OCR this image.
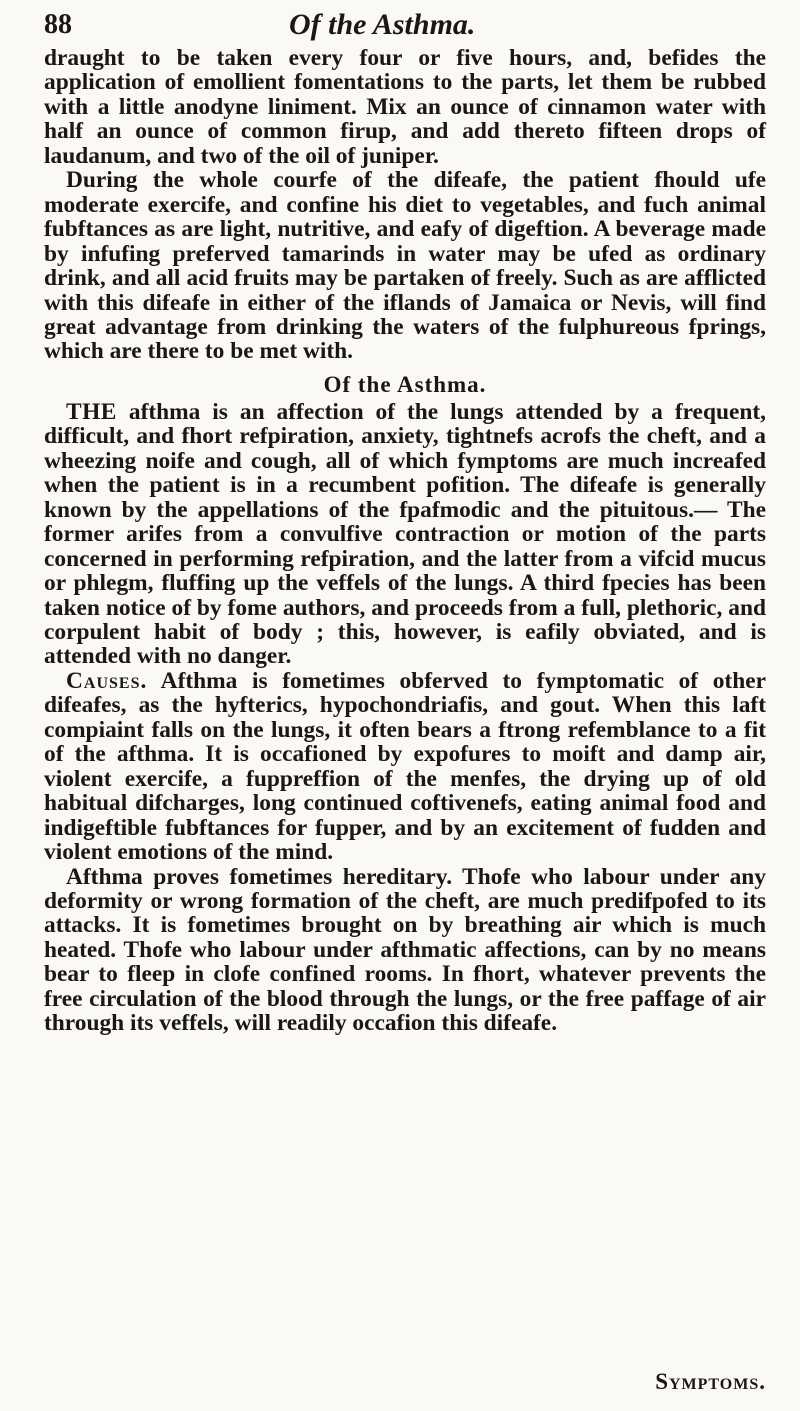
88	Of the Asthma.

draught to be taken every four or five hours, and, befides the application of emollient fomentations to the parts, let them be rubbed with a little anodyne liniment. Mix an ounce of cinnamon water with half an ounce of common firup, and add thereto fifteen drops of laudanum, and two of the oil of juniper.

During the whole courfe of the difeafe, the patient fhould ufe moderate exercife, and confine his diet to vegetables, and fuch animal fubftances as are light, nutritive, and eafy of digeftion. A beverage made by infufing preferved tamarinds in water may be ufed as ordinary drink, and all acid fruits may be partaken of freely. Such as are afflicted with this difeafe in either of the iflands of Jamaica or Nevis, will find great advantage from drinking the waters of the fulphureous fprings, which are there to be met with.

Of the Asthma.

THE afthma is an affection of the lungs attended by a frequent, difficult, and fhort refpiration, anxiety, tightnefs acrofs the cheft, and a wheezing noife and cough, all of which fymptoms are much increafed when the patient is in a recumbent pofition. The difeafe is generally known by the appellations of the fpafmodic and the pituitous.— The former arifes from a convulfive contraction or motion of the parts concerned in performing refpiration, and the latter from a vifcid mucus or phlegm, fluffing up the veffels of the lungs. A third fpecies has been taken notice of by fome authors, and proceeds from a full, plethoric, and corpulent habit of body ; this, however, is eafily obviated, and is attended with no danger.

Causes. Afthma is fometimes obferved to fymptomatic of other difeafes, as the hyfterics, hypochondriafis, and gout. When this laft compiaint falls on the lungs, it often bears a ftrong refemblance to a fit of the afthma. It is occafioned by expofures to moift and damp air, violent exercife, a fuppreffion of the menfes, the drying up of old habitual difcharges, long continued coftivenefs, eating animal food and indigeftible fubftances for fupper, and by an excitement of fudden and violent emotions of the mind.

Afthma proves fometimes hereditary. Thofe who labour under any deformity or wrong formation of the cheft, are much predifpofed to its attacks. It is fometimes brought on by breathing air which is much heated. Thofe who labour under afthmatic affections, can by no means bear to fleep in clofe confined rooms. In fhort, whatever prevents the free circulation of the blood through the lungs, or the free paffage of air through its veffels, will readily occafion this difeafe.

Symptoms.
